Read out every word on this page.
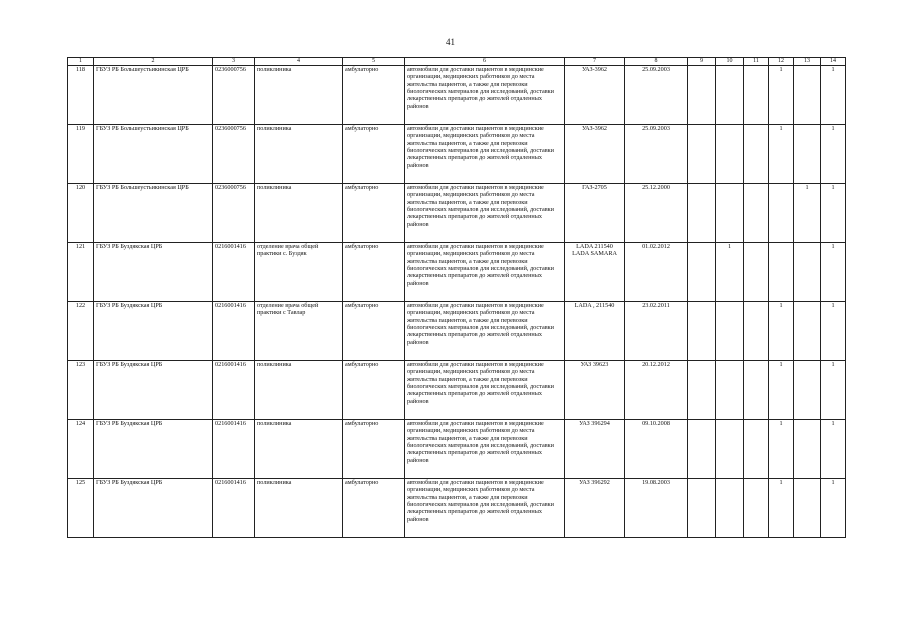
41
1	2	3	4	5	6	7	8	9	10	11	12	13	14
118	ГБУЗ РБ Большеустьикинская ЦРБ	0236000756	поликлиника	амбулаторно	автомобили для доставки пациентов в медицинские организации, медицинских работников до места жительства пациентов, а также для перевозки биологических материалов для исследований, доставки лекарственных препаратов до жителей отдаленных районов	УАЗ-3962	25.09.2003				1		1
119	ГБУЗ РБ Большеустьикинская ЦРБ	0236000756	поликлиника	амбулаторно	автомобили для доставки пациентов в медицинские организации, медицинских работников до места жительства пациентов, а также для перевозки биологических материалов для исследований, доставки лекарственных препаратов до жителей отдаленных районов	УАЗ-3962	25.09.2003				1		1
120	ГБУЗ РБ Большеустьикинская ЦРБ	0236000756	поликлиника	амбулаторно	автомобили для доставки пациентов в медицинские организации, медицинских работников до места жительства пациентов, а также для перевозки биологических материалов для исследований, доставки лекарственных препаратов до жителей отдаленных районов	ГАЗ-2705	25.12.2000					1	1
121	ГБУЗ РБ Буздякская ЦРБ	0216001416	отделение врача общей практики с. Буздяк	амбулаторно	автомобили для доставки пациентов в медицинские организации, медицинских работников до места жительства пациентов, а также для перевозки биологических материалов для исследований, доставки лекарственных препаратов до жителей отдаленных районов	LADA 211540 LADA SAMARA	01.02.2012		1				1
122	ГБУЗ РБ Буздякская ЦРБ	0216001416	отделение врача общей практики с Тавлар	амбулаторно	автомобили для доставки пациентов в медицинские организации, медицинских работников до места жительства пациентов, а также для перевозки биологических материалов для исследований, доставки лекарственных препаратов до жителей отдаленных районов	LADA , 211540	23.02.2011				1		1
123	ГБУЗ РБ Буздякская ЦРБ	0216001416	поликлиника	амбулаторно	автомобили для доставки пациентов в медицинские организации, медицинских работников до места жительства пациентов, а также для перевозки биологических материалов для исследований, доставки лекарственных препаратов до жителей отдаленных районов	УАЗ 39623	20.12.2012				1		1
124	ГБУЗ РБ Буздякская ЦРБ	0216001416	поликлиника	амбулаторно	автомобили для доставки пациентов в медицинские организации, медицинских работников до места жительства пациентов, а также для перевозки биологических материалов для исследований, доставки лекарственных препаратов до жителей отдаленных районов	УАЗ 396294	09.10.2008				1		1
125	ГБУЗ РБ Буздякская ЦРБ	0216001416	поликлиника	амбулаторно	автомобили для доставки пациентов в медицинские организации, медицинских работников до места жительства пациентов, а также для перевозки биологических материалов для исследований, доставки лекарственных препаратов до жителей отдаленных районов	УАЗ 396292	19.08.2003				1		1
